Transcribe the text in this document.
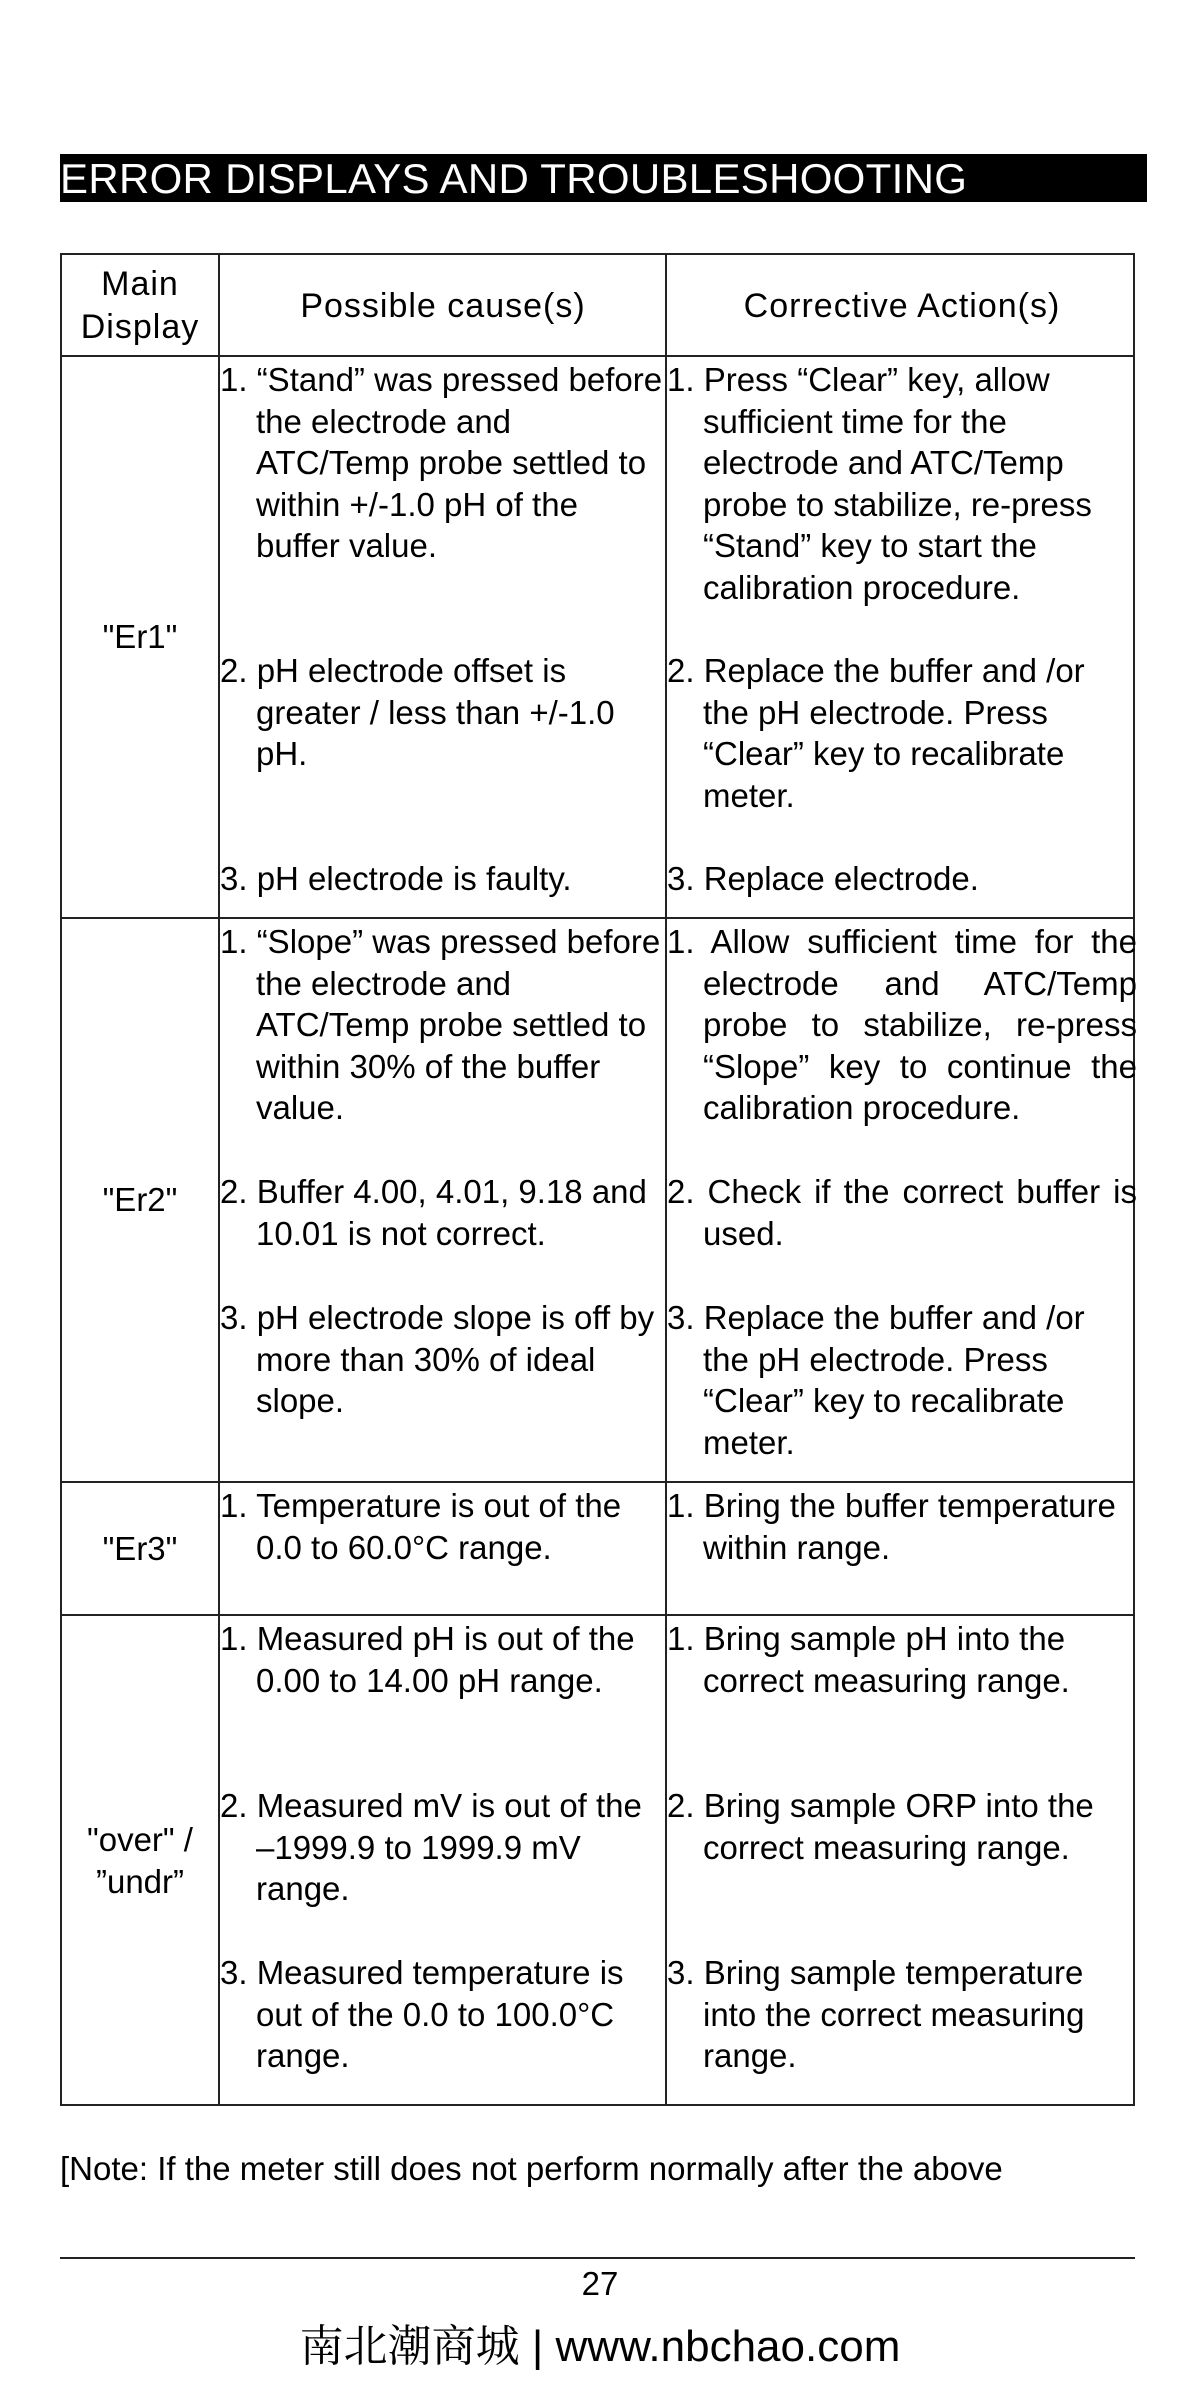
ERROR DISPLAYS AND TROUBLESHOOTING
Main Display
Possible cause(s)	Corrective Action(s)
"Er1"
1. “Stand” was pressed before the electrode and ATC/Temp probe settled to within +/-1.0 pH of the buffer value.
2. pH electrode offset is greater / less than +/-1.0 pH.
3. pH electrode is faulty.
1. Press “Clear” key, allow sufficient time for the electrode and ATC/Temp probe to stabilize, re-press “Stand” key to start the calibration procedure.
2. Replace the buffer and /or the pH electrode. Press “Clear” key to recalibrate meter.
3. Replace electrode.
"Er2"
1. “Slope” was pressed before the electrode and ATC/Temp probe settled to within 30% of the buffer value.
2. Buffer 4.00, 4.01, 9.18 and 10.01 is not correct.
3. pH electrode slope is off by more than 30% of ideal slope.
1. Allow sufficient time for the electrode and ATC/Temp probe to stabilize, re-press “Slope” key to continue the calibration procedure.
2. Check if the correct buffer is used.
3. Replace the buffer and /or the pH electrode. Press “Clear” key to recalibrate meter.
"Er3"
1. Temperature is out of the 0.0 to 60.0°C range.
1. Bring the buffer temperature within range.
"over" / ”undr”
1. Measured pH is out of the 0.00 to 14.00 pH range.
2. Measured mV is out of the –1999.9 to 1999.9 mV range.
3. Measured temperature is out of the 0.0 to 100.0°C range.
1. Bring sample pH into the correct measuring range.
2. Bring sample ORP into the correct measuring range.
3. Bring sample temperature into the correct measuring range.
[Note: If the meter still does not perform normally after the above
27
南北潮商城 | www.nbchao.com
